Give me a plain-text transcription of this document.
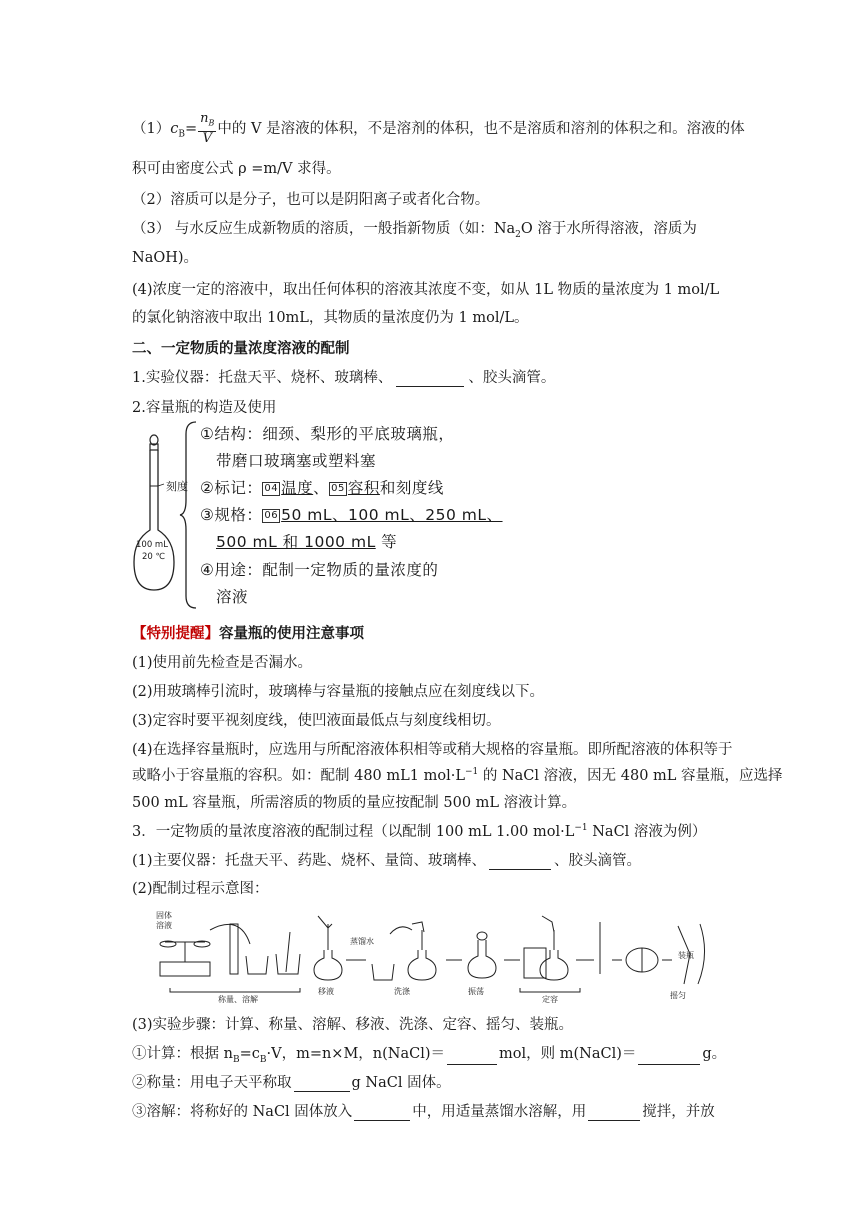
$(1)c_B= \frac{n_B}{V}$ 中的 V 是溶液的体积，不是溶剂的体积，也不是溶质和溶剂的体积之和。溶液的体
积可由密度公式 ρ =m/V 求得。
（2）溶质可以是分子，也可以是阴阳离子或者化合物。
（3） 与水反应生成新物质的溶质，一般指新物质（如：$Na_2O$ 溶于水所得溶液，溶质为
NaOH)。
(4)浓度一定的溶液中，取出任何体积的溶液其浓度不变，如从 1L 物质的量浓度为 1 mol/L
的氯化钠溶液中取出 10mL，其物质的量浓度仍为 1 mol/L。
二、一定物质的量浓度溶液的配制
1.实验仪器：托盘天平、烧杯、玻璃棒、	、胶头滴管。
2.容量瓶的构造及使用
刻度
100 mL
20 ℃
①结构：细颈、梨形的平底玻璃瓶，
带磨口玻璃塞或塑料塞
②标记： 04 温度、 05 容积和刻度线
③规格： 06 50 mL、100 mL、250 mL、
500 mL 和 1000 mL 等
④用途：配制一定物质的量浓度的
溶液
【特别提醒】容量瓶的使用注意事项
(1)使用前先检查是否漏水。
(2)用玻璃棒引流时，玻璃棒与容量瓶的接触点应在刻度线以下。
(3)定容时要平视刻度线，使凹液面最低点与刻度线相切。
(4)在选择容量瓶时，应选用与所配溶液体积相等或稍大规格的容量瓶。即所配溶液的体积等于
或略小于容量瓶的容积。如：配制 480 mL1 $mol\cdot L^{-1}$ 的 NaCl 溶液，因无 480 mL 容量瓶，应选择
500 mL 容量瓶，所需溶质的物质的量应按配制 500 mL 溶液计算。
3．一定物质的量浓度溶液的配制过程（以配制 100 mL 1.00 $mol\cdot L^{-1}$ NaCl 溶液为例）
(1)主要仪器：托盘天平、药匙、烧杯、量筒、玻璃棒、	、胶头滴管。
(2)配制过程示意图：
固体
溶液
蒸馏水
称量、溶解
移液	洗涤	振荡
定容	摇匀
装瓶
(3)实验步骤：计算、称量、溶解、移液、洗涤、定容、摇匀、装瓶。
①计算：根据 $n_B=c_B\cdot V$，m=n×M，n(NaCl)＝	mol，则 m(NaCl)＝	g。
②称量：用电子天平称取	g NaCl 固体。
③溶解：将称好的 NaCl 固体放入	中，用适量蒸馏水溶解，用	搅拌，并放
